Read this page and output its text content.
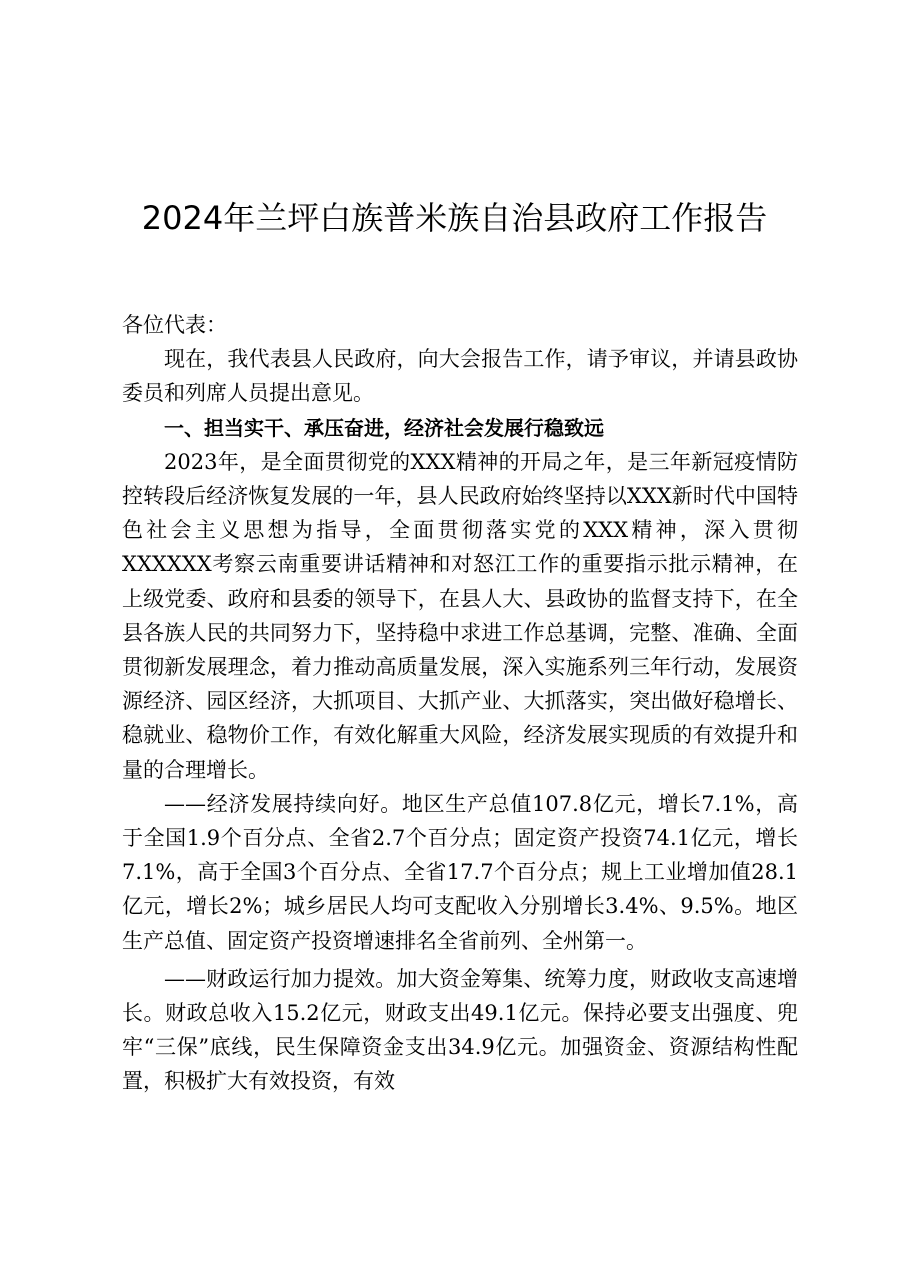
2024年兰坪白族普米族自治县政府工作报告

各位代表：

现在，我代表县人民政府，向大会报告工作，请予审议，并请县政协委员和列席人员提出意见。

一、担当实干、承压奋进，经济社会发展行稳致远

2023年，是全面贯彻党的XXX精神的开局之年，是三年新冠疫情防控转段后经济恢复发展的一年，县人民政府始终坚持以XXX新时代中国特色社会主义思想为指导，全面贯彻落实党的XXX精神，深入贯彻XXXXXX考察云南重要讲话精神和对怒江工作的重要指示批示精神，在上级党委、政府和县委的领导下，在县人大、县政协的监督支持下，在全县各族人民的共同努力下，坚持稳中求进工作总基调，完整、准确、全面贯彻新发展理念，着力推动高质量发展，深入实施系列三年行动，发展资源经济、园区经济，大抓项目、大抓产业、大抓落实，突出做好稳增长、稳就业、稳物价工作，有效化解重大风险，经济发展实现质的有效提升和量的合理增长。

——经济发展持续向好。地区生产总值107.8亿元，增长7.1%，高于全国1.9个百分点、全省2.7个百分点；固定资产投资74.1亿元，增长7.1%，高于全国3个百分点、全省17.7个百分点；规上工业增加值28.1亿元，增长2%；城乡居民人均可支配收入分别增长3.4%、9.5%。地区生产总值、固定资产投资增速排名全省前列、全州第一。

——财政运行加力提效。加大资金筹集、统筹力度，财政收支高速增长。财政总收入15.2亿元，财政支出49.1亿元。保持必要支出强度、兜牢“三保”底线，民生保障资金支出34.9亿元。加强资金、资源结构性配置，积极扩大有效投资，有效
